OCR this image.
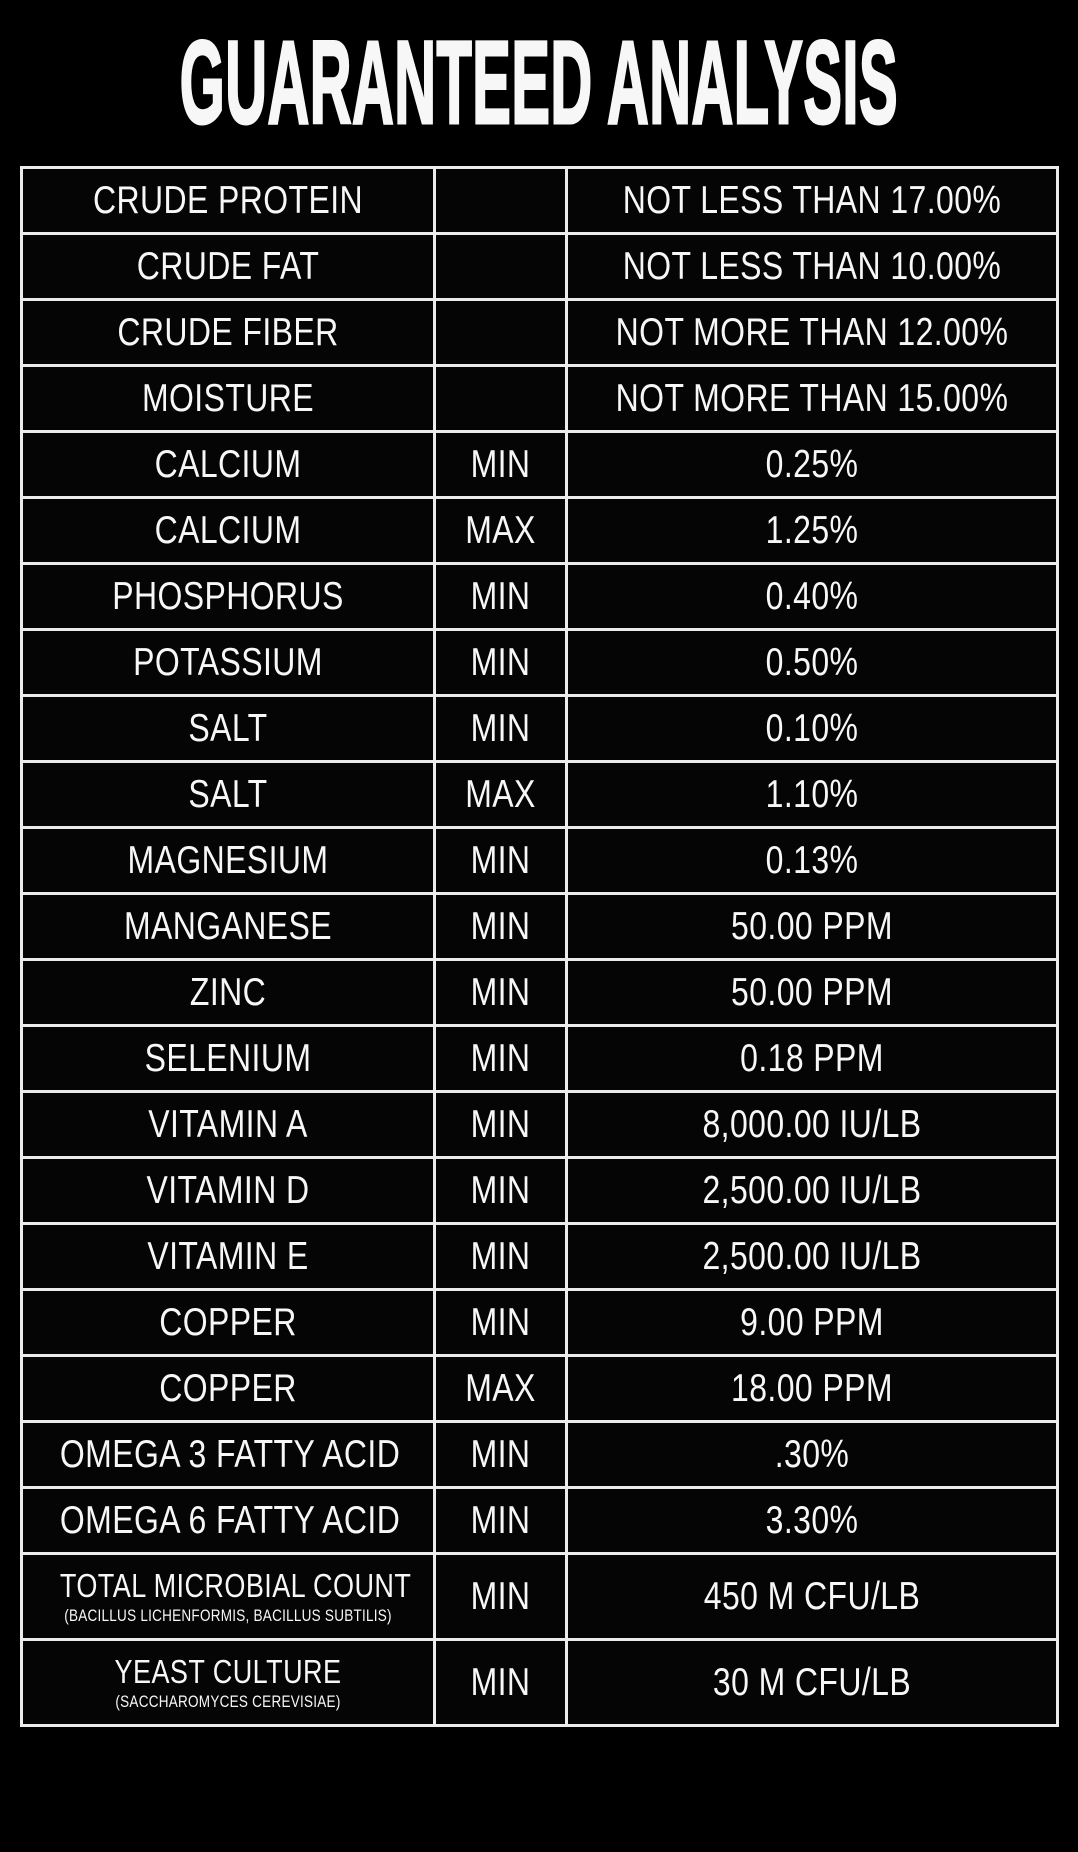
GUARANTEED ANALYSIS
CRUDE PROTEIN		NOT LESS THAN 17.00%

CRUDE FAT		NOT LESS THAN 10.00%

CRUDE FIBER		NOT MORE THAN 12.00%

MOISTURE		NOT MORE THAN 15.00%

CALCIUM	MIN	0.25%

CALCIUM	MAX	1.25%

PHOSPHORUS	MIN	0.40%

POTASSIUM	MIN	0.50%

SALT	MIN	0.10%

SALT	MAX	1.10%

MAGNESIUM	MIN	0.13%

MANGANESE	MIN	50.00 PPM

ZINC	MIN	50.00 PPM

SELENIUM	MIN	0.18 PPM

VITAMIN A	MIN	8,000.00 IU/LB

VITAMIN D	MIN	2,500.00 IU/LB

VITAMIN E	MIN	2,500.00 IU/LB

COPPER	MIN	9.00 PPM

COPPER	MAX	18.00 PPM

OMEGA 3 FATTY ACID	MIN	.30%

OMEGA 6 FATTY ACID	MIN	3.30%

TOTAL MICROBIAL COUNT
(BACILLUS LICHENFORMIS, BACILLUS SUBTILIS)	MIN	450 M CFU/LB

YEAST CULTURE
(SACCHAROMYCES CEREVISIAE)	MIN	30 M CFU/LB
